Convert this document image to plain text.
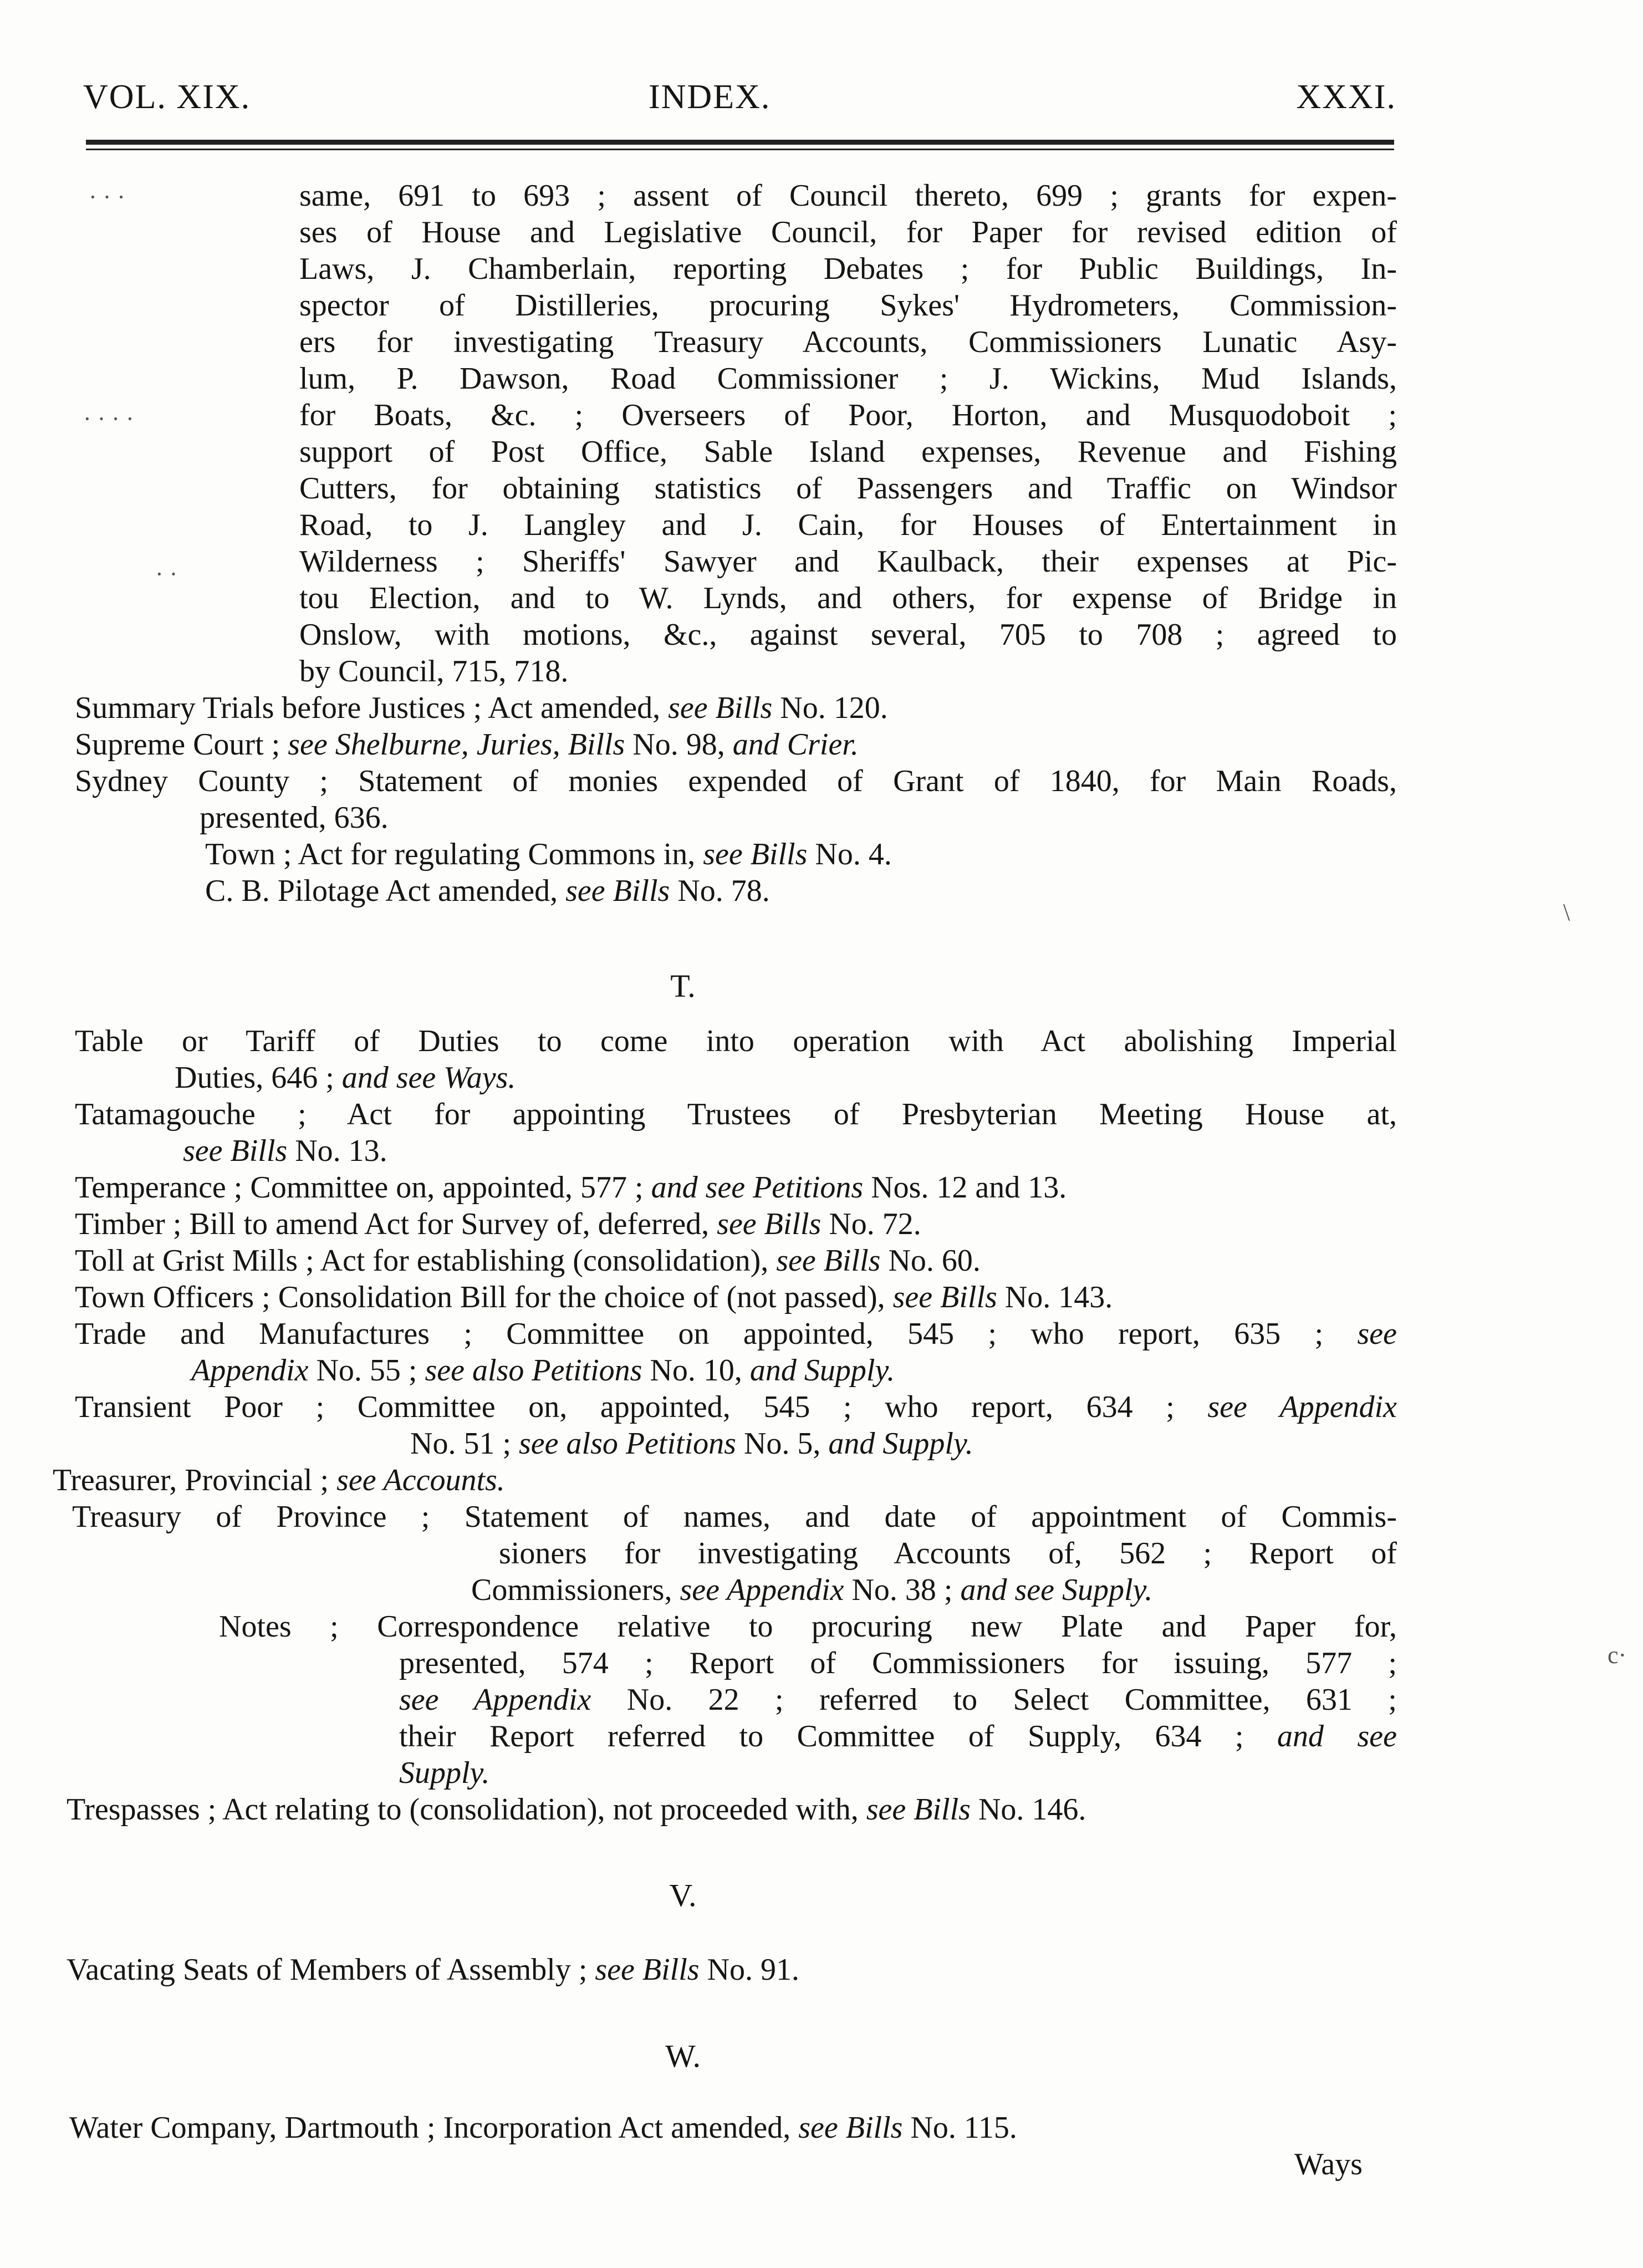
VOL. XIX.	INDEX.	XXXI.
same, 691 to 693 ; assent of Council thereto, 699 ; grants for expen-
ses of House and Legislative Council, for Paper for revised edition of
Laws, J. Chamberlain, reporting Debates ; for Public Buildings, In-
spector of Distilleries, procuring Sykes' Hydrometers, Commission-
ers for investigating Treasury Accounts, Commissioners Lunatic Asy-
lum, P. Dawson, Road Commissioner ; J. Wickins, Mud Islands,
for Boats, &c. ; Overseers of Poor, Horton, and Musquodoboit ;
support of Post Office, Sable Island expenses, Revenue and Fishing
Cutters, for obtaining statistics of Passengers and Traffic on Windsor
Road, to J. Langley and J. Cain, for Houses of Entertainment in
Wilderness ; Sheriffs' Sawyer and Kaulback, their expenses at Pic-
tou Election, and to W. Lynds, and others, for expense of Bridge in
Onslow, with motions, &c., against several, 705 to 708 ; agreed to
by Council, 715, 718.
Summary Trials before Justices ; Act amended, see Bills No. 120.
Supreme Court ; see Shelburne, Juries, Bills No. 98, and Crier.
Sydney County ; Statement of monies expended of Grant of 1840, for Main Roads,
presented, 636.
Town ; Act for regulating Commons in, see Bills No. 4.
C. B. Pilotage Act amended, see Bills No. 78.
Table or Tariff of Duties to come into operation with Act abolishing Imperial
Duties, 646 ; and see Ways.
Tatamagouche ; Act for appointing Trustees of Presbyterian Meeting House at,
see Bills No. 13.
Temperance ; Committee on, appointed, 577 ; and see Petitions Nos. 12 and 13.
Timber ; Bill to amend Act for Survey of, deferred, see Bills No. 72.
Toll at Grist Mills ; Act for establishing (consolidation), see Bills No. 60.
Town Officers ; Consolidation Bill for the choice of (not passed), see Bills No. 143.
Trade and Manufactures ; Committee on appointed, 545 ; who report, 635 ; see
Appendix No. 55 ; see also Petitions No. 10, and Supply.
Transient Poor ; Committee on, appointed, 545 ; who report, 634 ; see Appendix
No. 51 ; see also Petitions No. 5, and Supply.
Treasurer, Provincial ; see Accounts.
Treasury of Province ; Statement of names, and date of appointment of Commis-
sioners for investigating Accounts of, 562 ; Report of
Commissioners, see Appendix No. 38 ; and see Supply.
Notes ; Correspondence relative to procuring new Plate and Paper for,
presented, 574 ; Report of Commissioners for issuing, 577 ;
see Appendix No. 22 ; referred to Select Committee, 631 ;
their Report referred to Committee of Supply, 634 ; and see
Supply.
Trespasses ; Act relating to (consolidation), not proceeded with, see Bills No. 146.
Vacating Seats of Members of Assembly ; see Bills No. 91.
Water Company, Dartmouth ; Incorporation Act amended, see Bills No. 115.
Ways
T.
V.
W.
· · ·
· · · ·
· ·
\
c·
